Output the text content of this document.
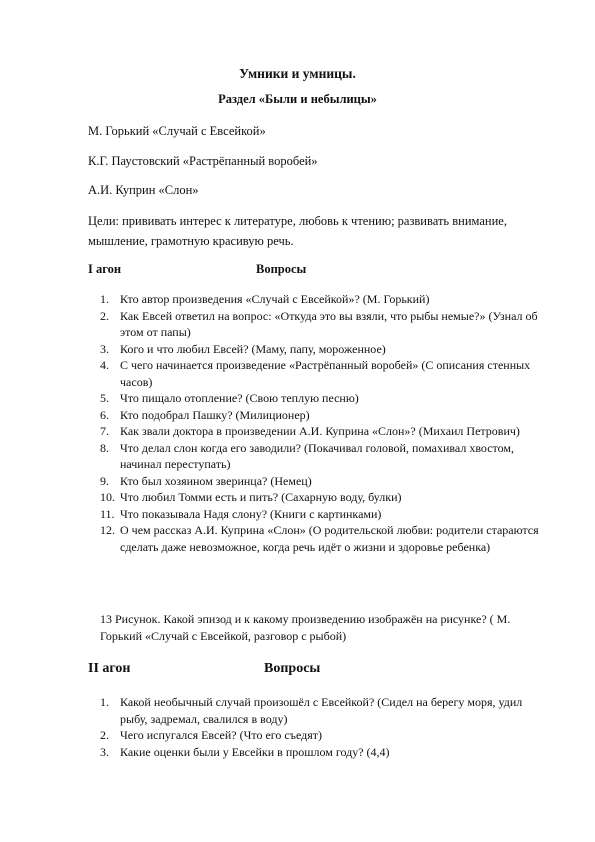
Умники и умницы.
Раздел «Были и небылицы»
М. Горький «Случай с Евсейкой»
К.Г. Паустовский «Растрёпанный воробей»
А.И. Куприн «Слон»
Цели: прививать интерес к литературе, любовь к чтению; развивать внимание, мышление, грамотную красивую речь.
I агон	Вопросы
1. Кто автор произведения «Случай с Евсейкой»? (М. Горький)
2. Как Евсей ответил на вопрос: «Откуда это вы взяли, что рыбы немые?» (Узнал об этом от папы)
3. Кого и что любил Евсей? (Маму, папу, мороженное)
4. С чего начинается произведение «Растрёпанный воробей» (С описания стенных часов)
5. Что пищало отопление? (Свою теплую песню)
6. Кто подобрал Пашку? (Милиционер)
7. Как звали доктора в произведении А.И. Куприна «Слон»? (Михаил Петрович)
8. Что делал слон когда его заводили? (Покачивал головой, помахивал хвостом, начинал переступать)
9. Кто был хозяином зверинца? (Немец)
10. Что любил Томми есть и пить? (Сахарную воду, булки)
11. Что показывала Надя слону? (Книги с картинками)
12. О чем рассказ А.И. Куприна «Слон» (О родительской любви: родители стараются сделать даже невозможное, когда речь идёт о жизни и здоровье ребенка)
13 Рисунок. Какой эпизод и к какому произведению изображён на рисунке? ( М. Горький «Случай с Евсейкой, разговор с рыбой)
II агон	Вопросы
1. Какой необычный случай произошёл с Евсейкой? (Сидел на берегу моря, удил рыбу, задремал, свалился в воду)
2. Чего испугался Евсей? (Что его съедят)
3. Какие оценки были у Евсейки в прошлом году? (4,4)
